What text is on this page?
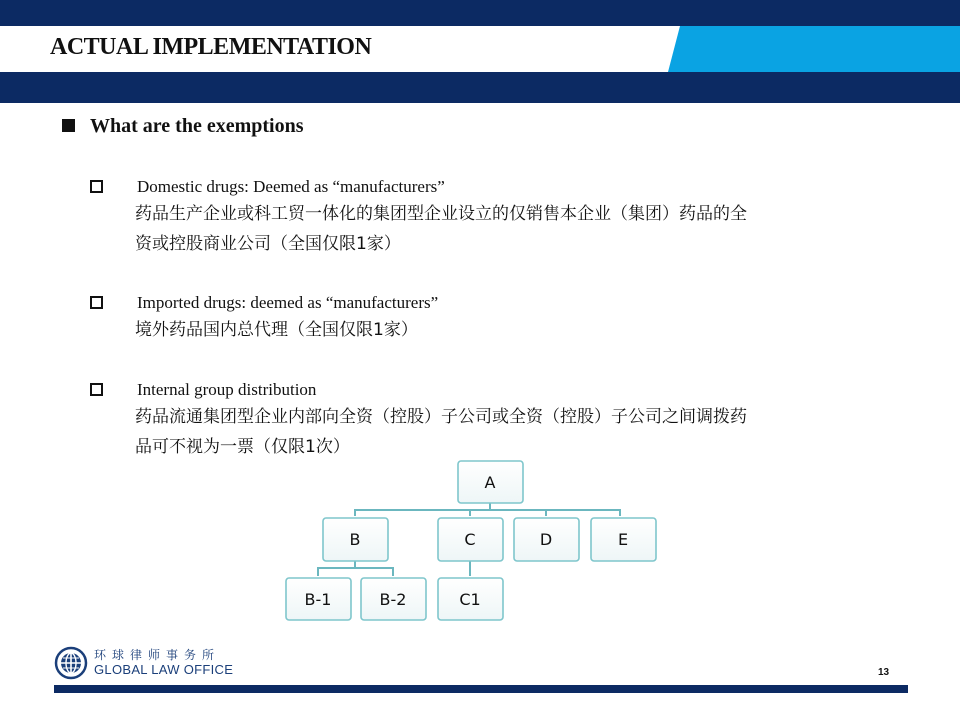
ACTUAL IMPLEMENTATION
What are the exemptions
Domestic drugs: Deemed as “manufacturers”
药品生产企业或科工贸一体化的集团型企业设立的仅销售本企业（集团）药品的全
资或控股商业公司（全国仅限1家）
Imported drugs: deemed as “manufacturers”
境外药品国内总代理（全国仅限1家）
Internal group distribution
药品流通集团型企业内部向全资（控股）子公司或全资（控股）子公司之间调拨药
品可不视为一票（仅限1次）
A
B	C	D	E
B-1	B-2	C1
环球律师事务所
GLOBAL LAW OFFICE	13
